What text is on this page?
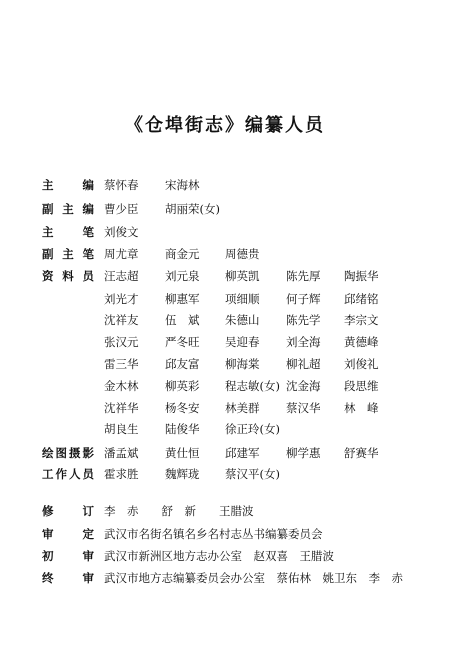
《仓埠街志》编纂人员
主编 蔡怀春 宋海林
副主编 曹少臣 胡丽荣(女)
主笔 刘俊文
副主笔 周尤章 商金元 周德贵
资料员 汪志超 刘元泉 柳英凯 陈先厚 陶振华
刘光才 柳惠军 项细顺 何子辉 邱绪铭
沈祥友 伍　斌 朱德山 陈先学 李宗文
张汉元 严冬旺 吴迎春 刘全海 黄德峰
雷三华 邱友富 柳海棠 柳礼超 刘俊礼
金木林 柳英彩 程志敏(女) 沈金海 段思维
沈祥华 杨冬安 林美群 蔡汉华 林　峰
胡良生 陆俊华 徐正玲(女)
绘图摄影 潘孟斌 黄仕恒 邱建军 柳学惠 舒赛华
工作人员 霍求胜 魏辉珑 蔡汉平(女)
修订 李　赤　　舒　新　　王腊波
审定 武汉市名街名镇名乡名村志丛书编纂委员会
初审 武汉市新洲区地方志办公室　赵双喜　王腊波
终审 武汉市地方志编纂委员会办公室　蔡佑林　姚卫东　李　赤
